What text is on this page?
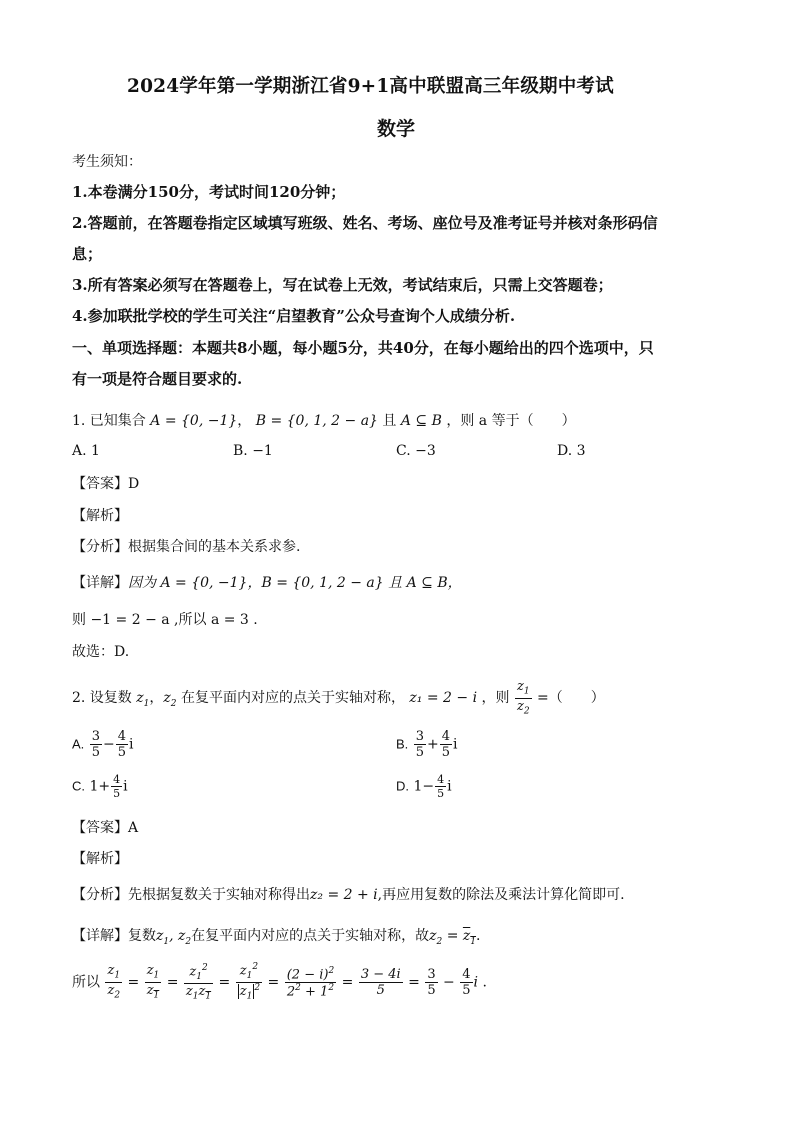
2024学年第一学期浙江省9+1高中联盟高三年级期中考试
数学
考生须知：
1.本卷满分150分，考试时间120分钟；
2.答题前，在答题卷指定区域填写班级、姓名、考场、座位号及准考证号并核对条形码信
息；
3.所有答案必须写在答题卷上，写在试卷上无效，考试结束后，只需上交答题卷；
4.参加联批学校的学生可关注“启望教育”公众号查询个人成绩分析.
一、单项选择题：本题共8小题，每小题5分，共40分，在每小题给出的四个选项中，只
有一项是符合题目要求的.
1. 已知集合 A = {0, −1}， B = {0, 1, 2 − a} 且 A ⊆ B ，则 a 等于（　　）
A. 1	B. −1	C. −3	D. 3
【答案】D
【解析】
【分析】根据集合间的基本关系求参.
【详解】因为 A = {0, −1}，B = {0, 1, 2 − a} 且 A ⊆ B，
则 −1 = 2 − a ,所以 a = 3 .
故选：D.
2. 设复数 $z_1$，$z_2$ 在复平面内对应的点关于实轴对称， z₁ = 2 − i ，则 $\frac{z_1}{z_2}$ =（　　）
A. $\frac{3}{5} - \frac{4}{5}$ i	B. $\frac{3}{5} + \frac{4}{5}$ i
C. $1+ \frac{4}{5}$ i	D. $1- \frac{4}{5}$ i
【答案】A
【解析】
【分析】先根据复数关于实轴对称得出z₂ = 2 + i,再应用复数的除法及乘法计算化简即可.
【详解】复数$z_1$, $z_2$在复平面内对应的点关于实轴对称，故$z_2 = z_1$.
所以 $\frac{z_1}{z_2} = \frac{z_1}{z_1} = \frac{z_1^2}{z_1z_1} = \frac{z_1^2}{z_1^2} = \frac{(2 - i)^2}{2^2 + 1^2} = \frac{3 - 4i}{5} = \frac{3}{5} - \frac{4}{5}$ i .
